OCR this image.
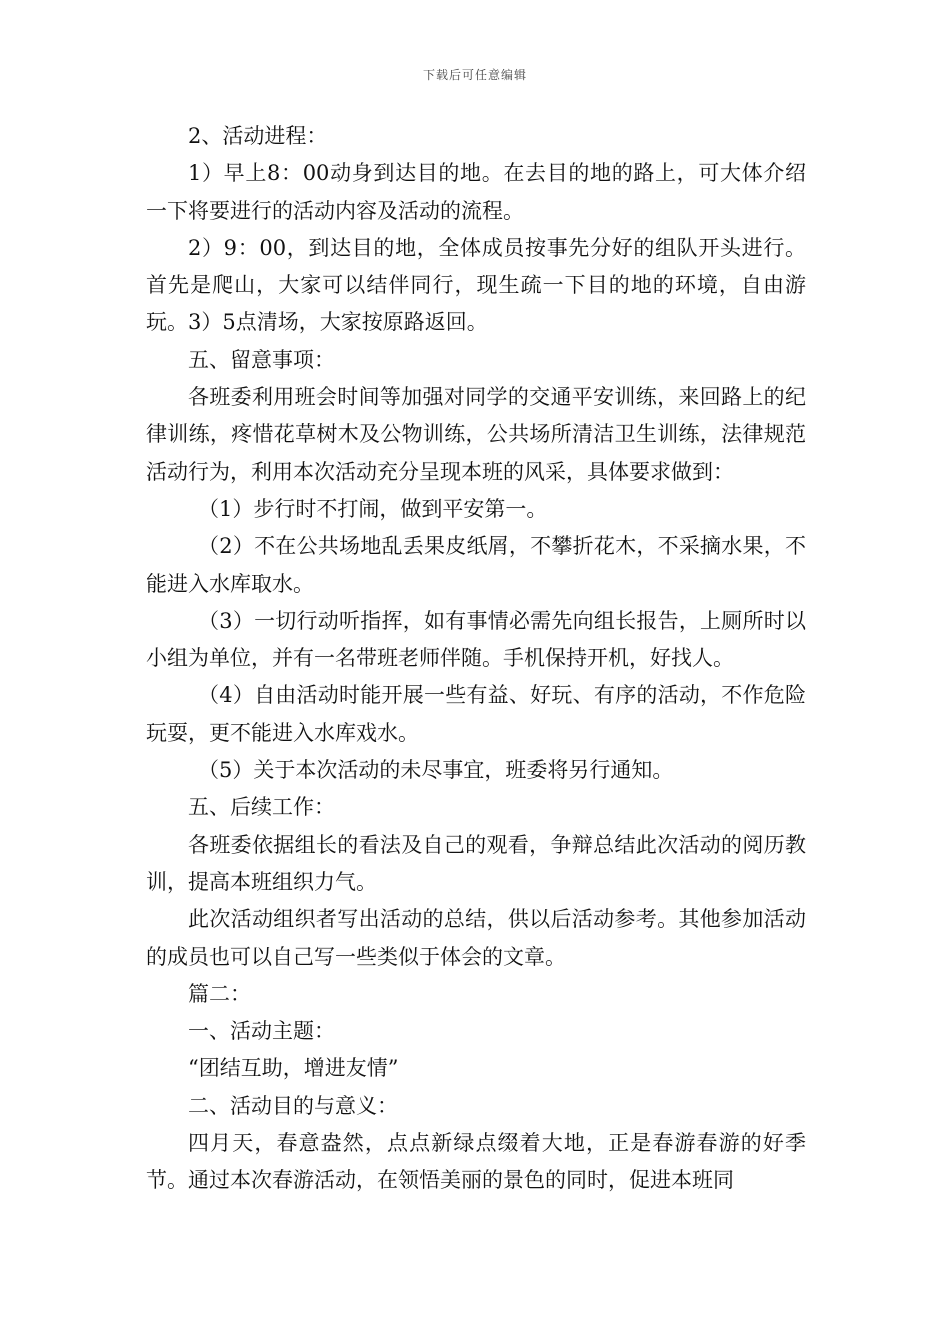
下载后可任意编辑

2、活动进程：

1）早上8：00动身到达目的地。在去目的地的路上，可大体介绍一下将要进行的活动内容及活动的流程。

2）9：00，到达目的地，全体成员按事先分好的组队开头进行。首先是爬山，大家可以结伴同行，现生疏一下目的地的环境，自由游玩。3）5点清场，大家按原路返回。

五、留意事项：

各班委利用班会时间等加强对同学的交通平安训练，来回路上的纪律训练，疼惜花草树木及公物训练，公共场所清洁卫生训练，法律规范活动行为，利用本次活动充分呈现本班的风采，具体要求做到：

（1）步行时不打闹，做到平安第一。

（2）不在公共场地乱丢果皮纸屑，不攀折花木，不采摘水果，不能进入水库取水。

（3）一切行动听指挥，如有事情必需先向组长报告，上厕所时以小组为单位，并有一名带班老师伴随。手机保持开机，好找人。

（4）自由活动时能开展一些有益、好玩、有序的活动，不作危险玩耍，更不能进入水库戏水。

（5）关于本次活动的未尽事宜，班委将另行通知。

五、后续工作：

各班委依据组长的看法及自己的观看，争辩总结此次活动的阅历教训，提高本班组织力气。

此次活动组织者写出活动的总结，供以后活动参考。其他参加活动的成员也可以自己写一些类似于体会的文章。

篇二：

一、活动主题：

“团结互助，增进友情”

二、活动目的与意义：

四月天，春意盎然，点点新绿点缀着大地，正是春游春游的好季节。通过本次春游活动，在领悟美丽的景色的同时，促进本班同
